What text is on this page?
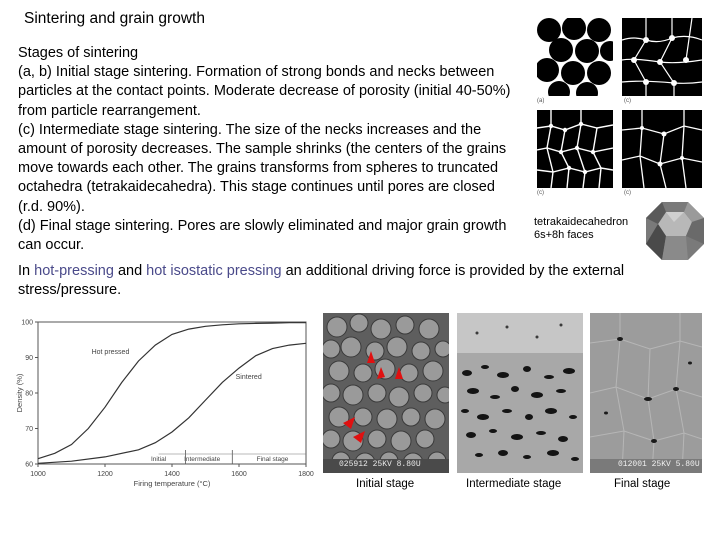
Sintering and grain growth
Stages of sintering
(a, b) Initial stage sintering. Formation of strong bonds and necks between particles at the contact points. Moderate decrease of porosity (initial 40-50%) from particle rearrangement.
(c) Intermediate stage sintering. The size of the necks increases and the amount of porosity decreases. The sample shrinks (the centers of the grains move towards each other. The grains transforms from spheres to truncated octahedra (tetrakaidecahedra). This stage continues until pores are closed (r.d. 90%).
(d) Final stage sintering. Pores are slowly eliminated and major grain growth can occur.
In hot-pressing and hot isostatic pressing an additional driving force is provided by the external stress/pressure.
(a)	(c)
(c)	(c)
tetrakaidecahedron
6s+8h faces
1000	1200	1400	1600	1800
60
70
80
90
100
Hot pressed
Sintered
Initial	Intermediate	Final stage
Firing temperature (°C)
Density (%)
025912 25KV 8.80U
Initial stage	Intermediate stage
012001 25KV 5.80U
Final stage
